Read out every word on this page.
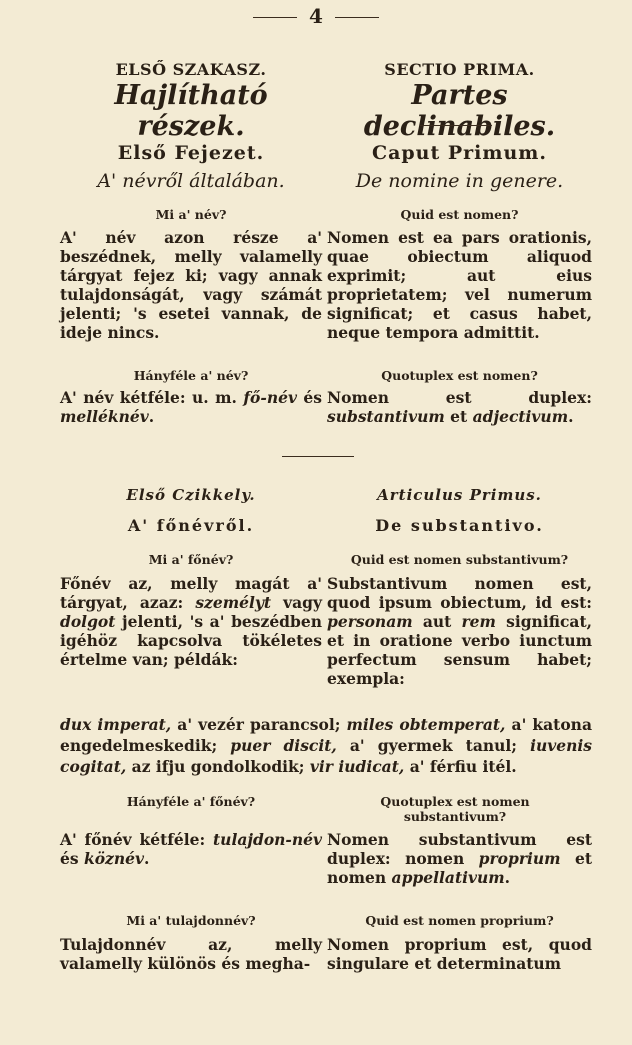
4
ELSŐ SZAKASZ.	SECTIO PRIMA.
Hajlítható részek.
Partes declinabiles.
Első Fejezet.	Caput Primum.
A' névről általában.	De nomine in genere.
Mi a' név?	Quid est nomen?
A' név azon része a' beszédnek, melly valamelly tárgyat fejez ki; vagy annak tulajdonságát, vagy számát jelenti; 's esetei vannak, de ideje nincs.
Nomen est ea pars orationis, quae obiectum aliquod exprimit; aut eius proprietatem; vel numerum significat; et casus habet, neque tempora admittit.
Hányféle a' név?	Quotuplex est nomen?
A' név kétféle: u. m. fő-név és melléknév.
Nomen est duplex: substantivum et adjectivum.
Első Czikkely.	Articulus Primus.
A' főnévről.	De substantivo.
Mi a' főnév?	Quid est nomen substantivum?
Főnév az, melly magát a' tárgyat, azaz: személyt vagy dolgot jelenti, 's a' beszédben igéhöz kapcsolva tökéletes értelme van; példák:
Substantivum nomen est, quod ipsum obiectum, id est: personam aut rem significat, et in oratione verbo iunctum perfectum sensum habet; exempla:
dux imperat, a' vezér parancsol; miles obtemperat, a' katona engedelmeskedik; puer discit, a' gyermek tanul; iuvenis cogitat, az ifju gondolkodik; vir iudicat, a' férfiu itél.
Hányféle a' főnév?	Quotuplex est nomen substantivum?
A' főnév kétféle: tulajdon-név és köznév.
Nomen substantivum est duplex: nomen proprium et nomen appellativum.
Mi a' tulajdonnév?	Quid est nomen proprium?
Tulajdonnév az, melly valamelly különös és megha-
Nomen proprium est, quod singulare et determinatum
